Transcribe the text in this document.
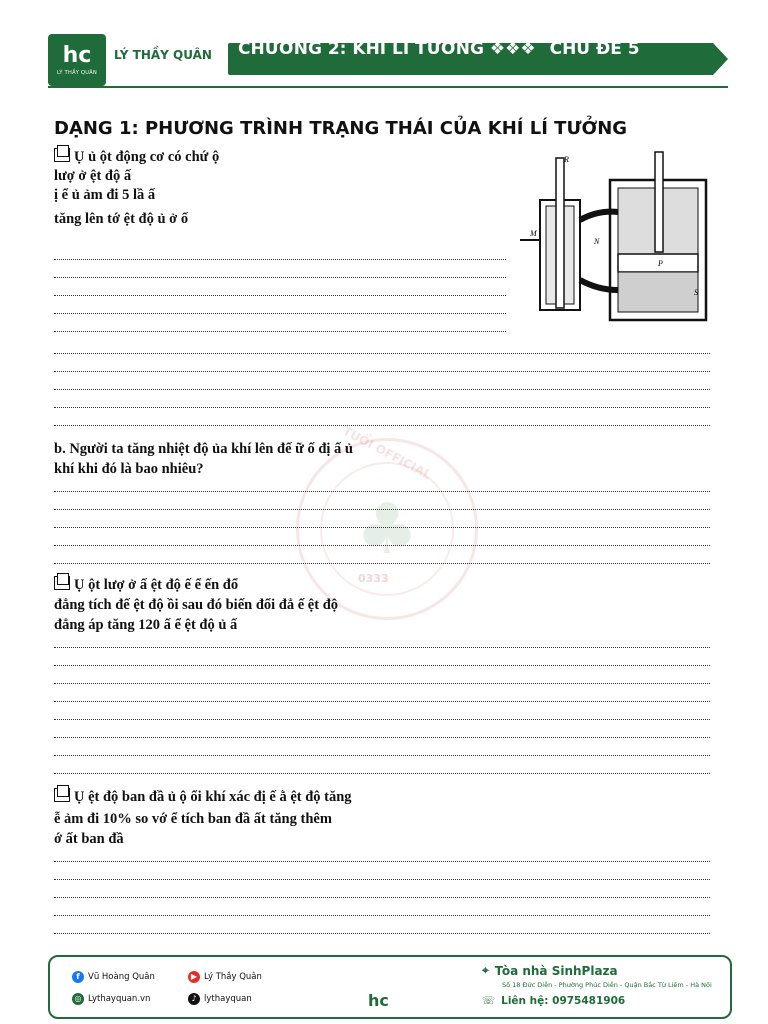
hc
LÝ THẦY QUÂN
LÝ THẦY QUÂN CHƯƠNG 2: KHÍ LÍ TƯỞNG ❖❖❖ CHỦ ĐỀ 5
DẠNG 1: PHƯƠNG TRÌNH TRẠNG THÁI CỦA KHÍ LÍ TƯỞNG
Ụ ủ ột động cơ có chứ ộ
lượ ở ệt độ ấ
ị ể ủ ảm đi 5 lầ ấ
tăng lên tớ ệt độ ủ ở ố
R
M
N
P
S
♣
TUỔI OFFICIAL
0333
b. Người ta tăng nhiệt độ ủa khí lên đế ữ ố đị ấ ủ
khí khi đó là bao nhiêu?
Ụ ột lượ ở ấ ệt độ ế ể ến đổ
đẳng tích đế ệt độ ồi sau đó biến đổi đẳ ế ệt độ
đẳng áp tăng 120 ấ ể ệt độ ủ ấ
Ụ ệt độ ban đầ ủ ộ ổi khí xác đị ế ằ ệt độ tăng
ễ ảm đi 10% so vớ ể tích ban đầ ất tăng thêm
ớ ất ban đầ
f Vũ Hoàng Quân	▶ Lý Thầy Quân
◎ Lythayquan.vn	♪ lythayquan	hc
⌖ Tòa nhà SinhPlaza
Số 18 Đức Diễn - Phường Phúc Diễn - Quận Bắc Từ Liêm - Hà Nội
☏ Liên hệ: 0975481906
